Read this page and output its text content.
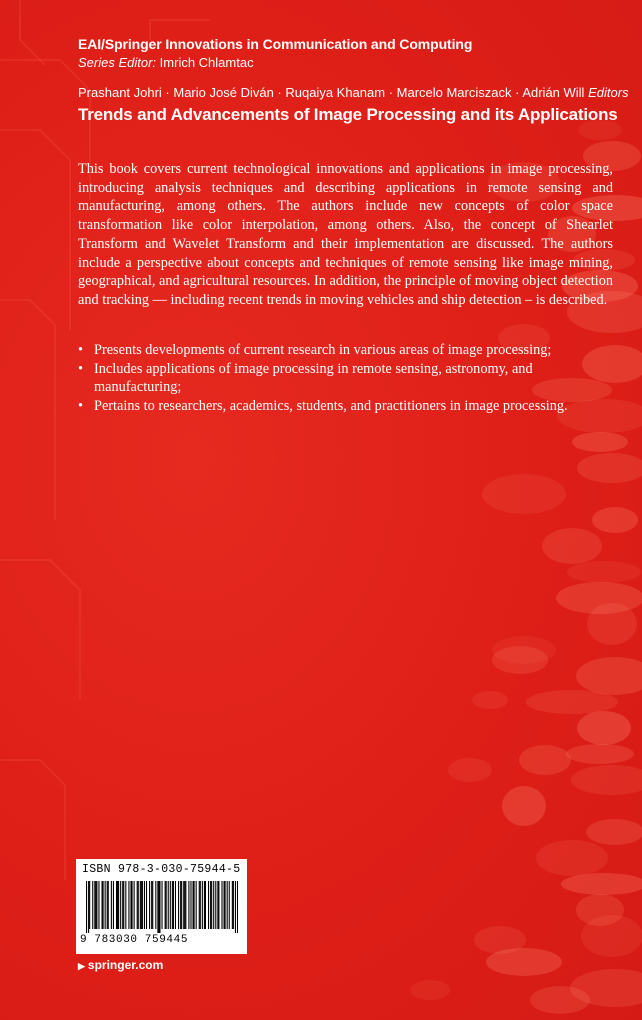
EAI/Springer Innovations in Communication and Computing
Series Editor: Imrich Chlamtac
Prashant Johri · Mario José Diván · Ruqaiya Khanam · Marcelo Marciszack · Adrián Will Editors
Trends and Advancements of Image Processing and its Applications

This book covers current technological innovations and applications in image processing, introducing analysis techniques and describing applications in remote sensing and manufacturing, among others. The authors include new concepts of color space transformation like color interpolation, among others. Also, the concept of Shearlet Transform and Wavelet Transform and their implementation are discussed. The authors include a perspective about concepts and techniques of remote sensing like image mining, geographical, and agricultural resources. In addition, the principle of moving object detection and tracking — including recent trends in moving vehicles and ship detection – is described.

• Presents developments of current research in various areas of image processing;
• Includes applications of image processing in remote sensing, astronomy, and manufacturing;
• Pertains to researchers, academics, students, and practitioners in image processing.
ISBN 978-3-030-75944-5
9 783030 759445
▶ springer.com
